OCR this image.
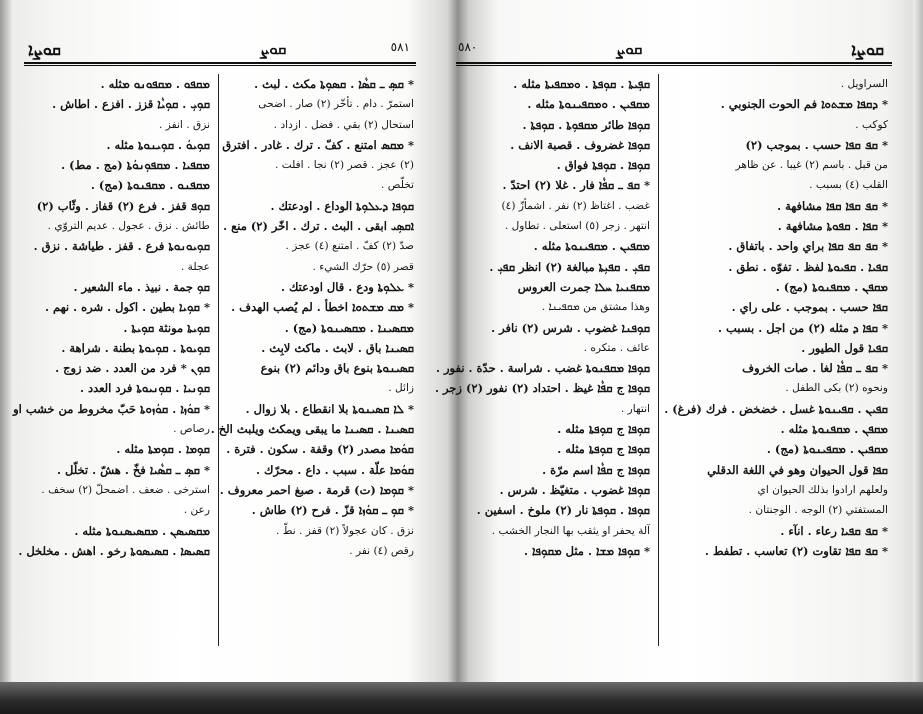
ܩܘܨܐ	ܩܘܨ	٥٨١
ܡܩܦܘ . ܡܩܦܘܢܘ ܡثله .
ܩܘܼܝܼ . ܩܘܼܝܵܐ قزز . افزع . اطاش .
نزق . انفز .
ܩܘܼܝܘܿ . ܩܘܼܝܢܘܬܐ مثله .
ܡܩܦܝܐ . ܡܩܦܘܼܢܘܿܬܐ (مج . مط) .
ܡܩܦܢܘ . ܡܩܦܢܘܬܐ (مج) .
ܩܘܼܦ قفز . فرع (٢) قفاز . وثّاب (٢)
طائش . نزق . عجول . عديم التروّي .
ܩܘܼܝܘܢܘܬܐ فرع . قفز . طياشة . نزق .
عجلة .
ܩܘܼ جمة . نبيذ . ماء الشعير .
* ܩܘܼܝܐ بطين . اكول . شره . نهم .
ܩܘܼܝܬܐ مونثة ܩܘܼܝܬܐ .
ܩܘܼܝܘܬܐ . ܩܘܼܝܘܬܐ بطنة . شراهة .
ܩܘܼܢ * فرد من العدد . ضد زوج .
ܩܘܼܢܝܐ . ܩܘܼܢܝܘܬܐ فرد العدد .
* ܩܘܿܙܐ . ܩܘܿܙܘܬܐ حَبّ مخروط من خشب او
رصاص .
ܩܘܼܡܐ . ܩܘܼܡܬܐ مثله .
* ܩܣܼ ـ ܩܣܵܝܐ فخّ . هشّ . تخلّل .
استرخى . ضعف . اضمحلّ (٢) سخف .
رعن .
ܡܩܣܝܣܢ . ܡܩܣܝܣܢܘܬܐ مثله .
ܩܣܝܣܐ . ܩܣܝܣܘܬܐ رخو . اهش . مخلخل .
* ܩܣܼ ـ ܩܣܵܐ . ܩܣܘܼܬܐ مكث . لبث .
استمرّ . دام . تأخّر (٢) صار . اضحى
استحال (٢) بقي . فضل . ازداد .
* ܡܩܣ امتنع . كفّ . ترك . غادر . افترق
(٢) عجز . قصر (٢) نجا . افلت .
تخلّص .
ܩܘܼܦܐ ܕܥܠܘܼܬܐ الوداع . اودعتك .
ܐܩܣܼܝ ابقى . البث . ترك . اخّر (٢) منع .
صدّ (٢) كفّ . امتنع (٤) عجز .
قصر (٥) حرّك الشيء .
* ܥܠܘܼܬܐ ودع . قال اودعتك .
* ܡܩ ܡܫܬܘܐ اخطأ . لم يُصب الهدف .
ܡܩܣܝܢܐ . ܡܩܣܝܢܘܬܐ (مج) .
ܩܣܝܢܐ باق . لابث . ماكث لابِث .
ܩܣܝܢܘܬܐ بنوع باق ودائم (٢) بنوع
زائل .
* ܠܐ ܩܣܝܢܘܬܐ بلا انقطاع . بلا زوال .
ܩܣܝܢܐ . ܩܣܝܢܐ ما يبقى ويمكث ويلبث الخ .
ܩܘܿܡܐ مصدر (٢) وقفة . سكون . فترة .
ܩܘܿܡܐ علّة . سبب . داع . محرّك .
* ܩܘܼܡܐ (ت) قرمة . صبغ احمر معروف .
* ܩܘܼ ـ ܩܘܿܙܐ قزّ . فرح (٢) طاش .
نزق . كان عجولاً (٢) قفز . نطّ .
رقص (٤) نفر .
٥٨٠	ܩܘܨ	ܩܘܨܐ
ܩܦܼܝܬܐ . ܩܘܼܦܬܐ . ܘܡܩܦܝܬܐ مثله .
ܡܩܦܝܢ . ܘܡܩܦܝܢܘܬܐ مثله .
ܩܘܼܦܐ طائر ܡܩܦܘܼܬܐ . ܩܘܼܦܬܐ .
ܩܘܼܦܐ غضروف . قصبة الانف .
ܩܘܼܦܐ . ܩܘܼܦܬܐ فواق .
* ܩܦ ـ ܩܦܵܐ فار . غلا (٢) احتدّ .
غضب . اغتاظ (٢) نفر . اشمأزّ (٤)
انتهر . زجر (٥) استعلى . تطاول .
ܡܩܦܝܢ . ܡܩܦܝܢܘܬܐ مثله .
ܩܦܝܼ . ܩܦܝܼܬܐ مبالغة (٢) انظر ܩܦܝܼ .
ܡܩܦܢܝܐ ܚܠܐ جمرت العروس
وهذا مشتق من ܡܩܦܝܢܐ .
ܩܘܼܦܢܐ غضوب . شرس (٢) نافر .
عائف . متكره .
ܩܘܼܦܐ ܡܩܦܢܘܬܐ غضب . شراسة . حدّة . نفور .
ܩܘܼܦܐ ج ܩܦܵܐ غيظ . احتداد (٢) نفور (٢) زجر .
انتهار .
ܩܘܼܦܐ ج ܩܘܼܦܬܐ مثله .
ܩܘܼܦܐ ج ܩܘܼܦܬܐ مثله .
ܩܘܼܦܐ ج ܩܦܵܐ اسم مرّة .
ܩܘܼܦܐ غضوب . متغيّظ . شرس .
ܩܘܼܦܐ . ܩܘܼܦܬܐ نار (٢) ملوخ . اسفين .
آلة يحفر او يثقب بها النجار الخشب .
* ܩܘܼܦܐ ܡܫܐ . مثل ܡܩܘܼܦܐ .
السراويل .
* ܕܩܦܐ ܡܫܬܘܐ فم الحوت الجنوبي .
كوكب .
* ܩܦ ܩܦܐ حسب . بموجب (٢)
من قبل . باسم (٢) غيبا . عن ظاهر
القلب (٤) بسبب .
* ܩܦ ܩܦܐ ܩܦܐ مشافهة .
* ܩܦܐ . ܩܦܘܬܐ مشافهة .
* ܩܦ ܩܦ ܩܦܐ براي واحد . باتفاق .
ܩܦܝܐ . ܩܦܝܘܬܐ لفظ . تفوّه . نطق .
ܡܩܦܢ . ܡܩܦܢܘܬܐ (مج) .
ܩܦܐ حسب . بموجب . على راي .
* ܩܦܐ ܕ مثله (٢) من اجل . بسبب .
ܩܦܝܐ قول الطيور .
* ܩܦ ـ ܩܦܵܐ لغا . صات الخروف
ونحوه (٢) بكى الطفل .
ܩܦܝܢ . ܩܦܝܢܘܬܐ غسل . خضخض . فرك (فرغ) .
ܡܩܦܢ . ܡܩܦܢܘܬܐ مثله .
ܡܩܦܝܢ . ܡܩܦܝܢܘܬܐ (مج) .
ܩܦܐ قول الحيوان وهو في اللغة الدقلي
ولعلهم ارادوا بذلك الحيوان اي
المستفتي (٢) الوجه . الوجنتان .
* ܩܦ ܩܦܝܐ رعاء . انآء .
* ܩܦ ܩܦܐ تقاوت (٢) تعاسب . تطفط .
